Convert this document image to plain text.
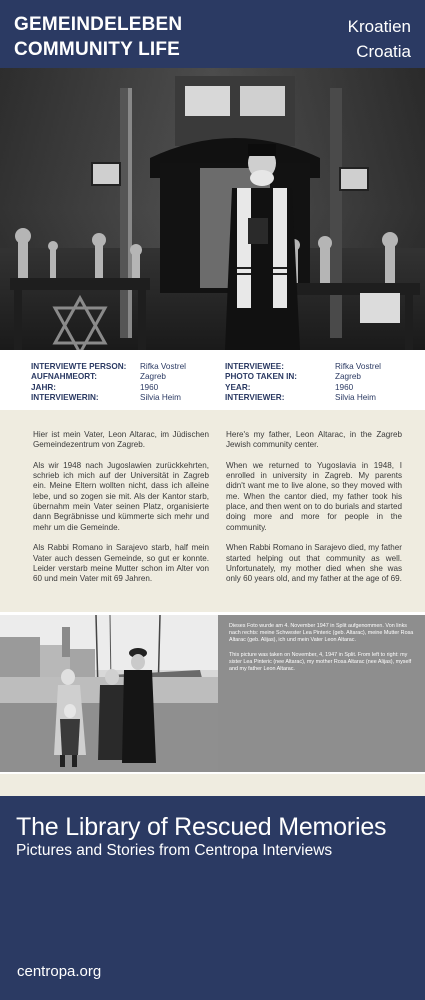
GEMEINDELEBEN
COMMUNITY LIFE
Kroatien
Croatia
INTERVIEWTE PERSON:	Rifka Vostrel
AUFNAHMEORT:	Zagreb
JAHR:	1960
INTERVIEWERIN:	Silvia Heim
INTERVIEWEE:	Rifka Vostrel
PHOTO TAKEN IN:	Zagreb
YEAR:	1960
INTERVIEWER:	Silvia Heim

Hier ist mein Vater, Leon Altarac, im Jüdischen Gemeindezentrum von Zagreb.

Als wir 1948 nach Jugoslawien zurückkehrten, schrieb ich mich auf der Universität in Zagreb ein. Meine Eltern wollten nicht, dass ich alleine lebe, und so zogen sie mit. Als der Kantor starb, übernahm mein Vater seinen Platz, organisierte dann Begräbnisse und kümmerte sich mehr und mehr um die Gemeinde.

Als Rabbi Romano in Sarajevo starb, half mein Vater auch dessen Gemeinde, so gut er konnte. Leider verstarb meine Mutter schon im Alter von 60 und mein Vater mit 69 Jahren.

Here's my father, Leon Altarac, in the Zagreb Jewish community center.

When we returned to Yugoslavia in 1948, I enrolled in university in Zagreb. My parents didn't want me to live alone, so they moved with me. When the cantor died, my father took his place, and then went on to do burials and started doing more and more for people in the community.

When Rabbi Romano in Sarajevo died, my father started helping out that community as well. Unfortunately, my mother died when she was only 60 years old, and my father at the age of 69.

Dieses Foto wurde am 4. November 1947 in Split aufgenommen. Von links nach rechts: meine Schwester Lea Pinteric (geb. Altarac), meine Mutter Rosa Altarac (geb. Alijas), ich und mein Vater Leon Altarac.

This picture was taken on November, 4, 1947 in Split. From left to right: my sister Lea Pinteric (nee Altarac), my mother Rosa Altarac (nee Alijas), myself and my father Leon Altarac.

The Library of Rescued Memories
Pictures and Stories from Centropa Interviews
centropa.org
